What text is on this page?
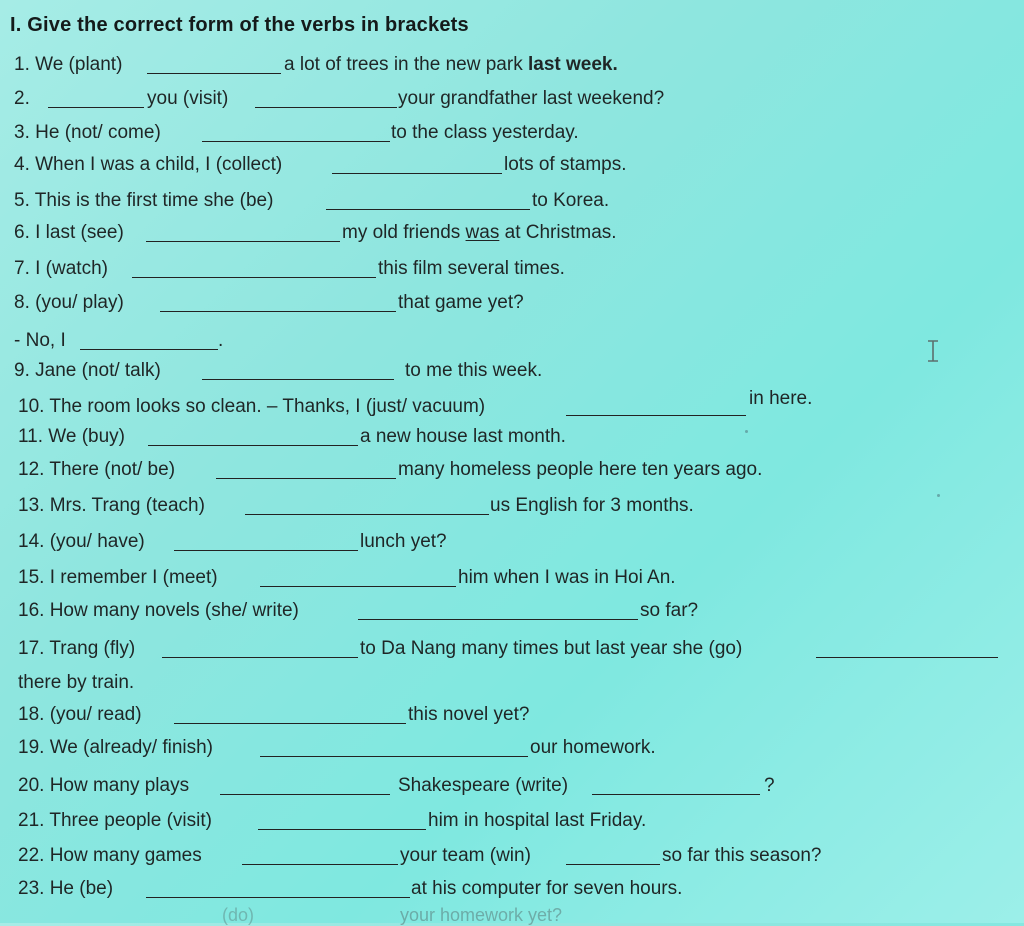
I. Give the correct form of the verbs in brackets
1. We (plant)	a lot of trees in the new park last week.
2.	you (visit)	your grandfather last weekend?
3. He (not/ come)	to the class yesterday.
4. When I was a child, I (collect)	lots of stamps.
5. This is the first time she (be)	to Korea.
6. I last (see)	my old friends was at Christmas.
7. I (watch)	this film several times.
8. (you/ play)	that game yet?
- No, I	.
9. Jane (not/ talk)	to me this week.
10. The room looks so clean. – Thanks, I (just/ vacuum)	in here.
11. We (buy)	a new house last month.
12. There (not/ be)	many homeless people here ten years ago.
13. Mrs. Trang (teach)	us English for 3 months.
14. (you/ have)	lunch yet?
15. I remember I (meet)	him when I was in Hoi An.
16. How many novels (she/ write)	so far?
17. Trang (fly)	to Da Nang many times but last year she (go)
there by train.
18. (you/ read)	this novel yet?
19. We (already/ finish)	our homework.
20. How many plays	Shakespeare (write)	?
21. Three people (visit)	him in hospital last Friday.
22. How many games	your team (win)	so far this season?
23. He (be)	at his computer for seven hours.
(do)	your homework yet?
